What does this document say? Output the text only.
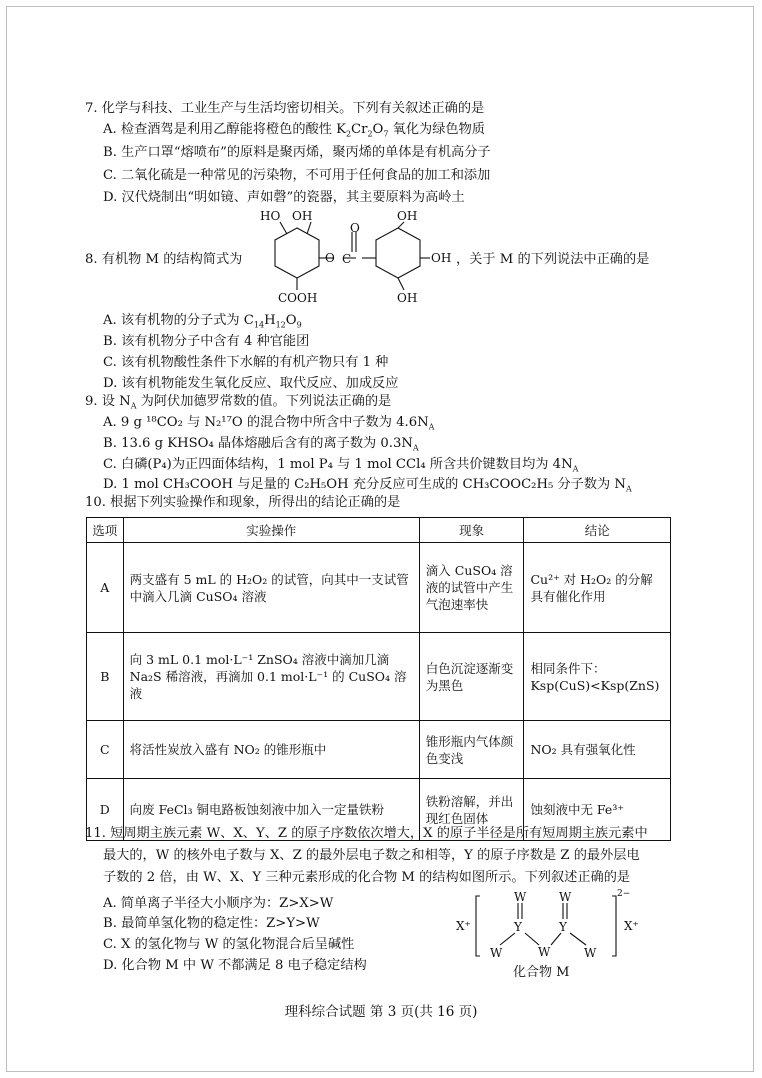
7. 化学与科技、工业生产与生活均密切相关。下列有关叙述正确的是
A. 检查酒驾是利用乙醇能将橙色的酸性 $K_2Cr_2O_7$ 氧化为绿色物质
B. 生产口罩“熔喷布”的原料是聚丙烯，聚丙烯的单体是有机高分子
C. 二氧化硫是一种常见的污染物，不可用于任何食品的加工和添加
D. 汉代烧制出“明如镜、声如磬”的瓷器，其主要原料为高岭土
8. 有机物 M 的结构简式为	，关于 M 的下列说法中正确的是
HO OH
O
O C
COOH
OH
OH
OH
A. 该有机物的分子式为 $C_{14}H_{12}O_9$
B. 该有机物分子中含有 4 种官能团
C. 该有机物酸性条件下水解的有机产物只有 1 种
D. 该有机物能发生氧化反应、取代反应、加成反应
9. 设 $N_A$ 为阿伏加德罗常数的值。下列说法正确的是
A. 9 g ¹⁸CO₂ 与 N₂¹⁷O 的混合物中所含中子数为 $4.6N_A$
B. 13.6 g KHSO₄ 晶体熔融后含有的离子数为 $0.3N_A$
C. 白磷(P₄)为正四面体结构，1 mol P₄ 与 1 mol CCl₄ 所含共价键数目均为 $4N_A$
D. 1 mol CH₃COOH 与足量的 C₂H₅OH 充分反应可生成的 CH₃COOC₂H₅ 分子数为 $N_A$
10. 根据下列实验操作和现象，所得出的结论正确的是
选项	实验操作	现象	结论
A	两支盛有 5 mL 的 H₂O₂ 的试管，向其中一支试管中滴入几滴 CuSO₄ 溶液	滴入 CuSO₄ 溶液的试管中产生气泡速率快	Cu²⁺ 对 H₂O₂ 的分解具有催化作用
B	向 3 mL 0.1 mol·L⁻¹ ZnSO₄ 溶液中滴加几滴 Na₂S 稀溶液，再滴加 0.1 mol·L⁻¹ 的 CuSO₄ 溶液	白色沉淀逐渐变为黑色	相同条件下：Ksp(CuS)<Ksp(ZnS)
C	将活性炭放入盛有 NO₂ 的锥形瓶中	锥形瓶内气体颜色变浅	NO₂ 具有强氧化性
D	向废 FeCl₃ 铜电路板蚀刻液中加入一定量铁粉	铁粉溶解，并出现红色固体	蚀刻液中无 Fe³⁺
11. 短周期主族元素 W、X、Y、Z 的原子序数依次增大，X 的原子半径是所有短周期主族元素中
最大的，W 的核外电子数与 X、Z 的最外层电子数之和相等，Y 的原子序数是 Z 的最外层电
子数的 2 倍，由 W、X、Y 三种元素形成的化合物 M 的结构如图所示。下列叙述正确的是
A. 简单离子半径大小顺序为：Z>X>W
B. 最简单氢化物的稳定性：Z>Y>W
C. X 的氢化物与 W 的氢化物混合后呈碱性
D. 化合物 M 中 W 不都满足 8 电子稳定结构
W	W
Y	Y
W	W	W
X⁺	X⁺
2−
化合物 M
理科综合试题 第 3 页(共 16 页)
